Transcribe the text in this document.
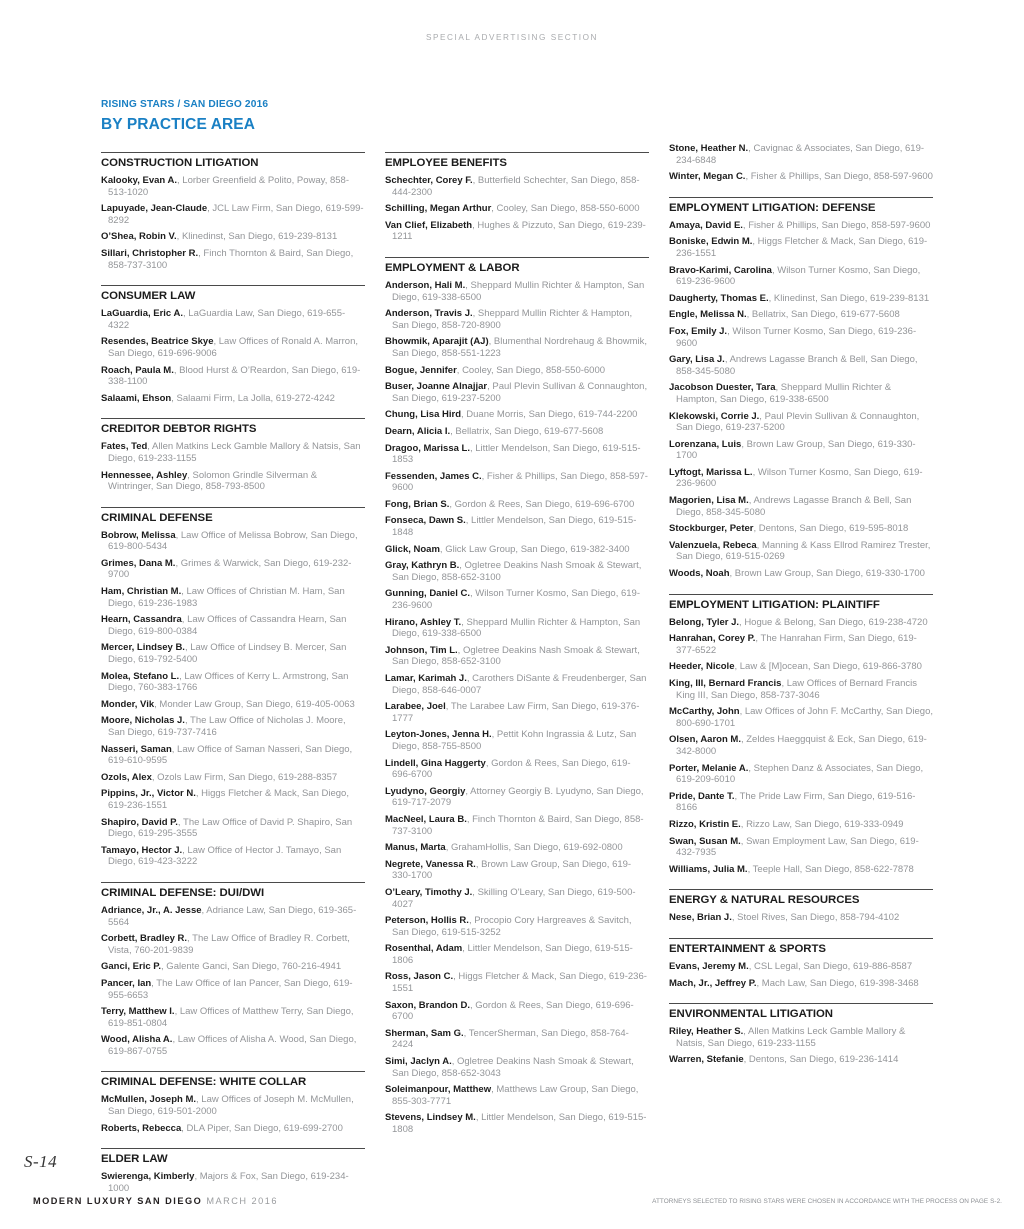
SPECIAL ADVERTISING SECTION
RISING STARS / SAN DIEGO 2016
BY PRACTICE AREA
CONSTRUCTION LITIGATION
Kalooky, Evan A., Lorber Greenfield & Polito, Poway, 858-513-1020
Lapuyade, Jean-Claude, JCL Law Firm, San Diego, 619-599-8292
O’Shea, Robin V., Klinedinst, San Diego, 619-239-8131
Sillari, Christopher R., Finch Thornton & Baird, San Diego, 858-737-3100
CONSUMER LAW
LaGuardia, Eric A., LaGuardia Law, San Diego, 619-655-4322
Resendes, Beatrice Skye, Law Offices of Ronald A. Marron, San Diego, 619-696-9006
Roach, Paula M., Blood Hurst & O’Reardon, San Diego, 619-338-1100
Salaami, Ehson, Salaami Firm, La Jolla, 619-272-4242
CREDITOR DEBTOR RIGHTS
Fates, Ted, Allen Matkins Leck Gamble Mallory & Natsis, San Diego, 619-233-1155
Hennessee, Ashley, Solomon Grindle Silverman & Wintringer, San Diego, 858-793-8500
CRIMINAL DEFENSE
Bobrow, Melissa, Law Office of Melissa Bobrow, San Diego, 619-800-5434
Grimes, Dana M., Grimes & Warwick, San Diego, 619-232-9700
Ham, Christian M., Law Offices of Christian M. Ham, San Diego, 619-236-1983
Hearn, Cassandra, Law Offices of Cassandra Hearn, San Diego, 619-800-0384
Mercer, Lindsey B., Law Office of Lindsey B. Mercer, San Diego, 619-792-5400
Molea, Stefano L., Law Offices of Kerry L. Armstrong, San Diego, 760-383-1766
Monder, Vik, Monder Law Group, San Diego, 619-405-0063
Moore, Nicholas J., The Law Office of Nicholas J. Moore, San Diego, 619-737-7416
Nasseri, Saman, Law Office of Saman Nasseri, San Diego, 619-610-9595
Ozols, Alex, Ozols Law Firm, San Diego, 619-288-8357
Pippins, Jr., Victor N., Higgs Fletcher & Mack, San Diego, 619-236-1551
Shapiro, David P., The Law Office of David P. Shapiro, San Diego, 619-295-3555
Tamayo, Hector J., Law Office of Hector J. Tamayo, San Diego, 619-423-3222
CRIMINAL DEFENSE: DUI/DWI
Adriance, Jr., A. Jesse, Adriance Law, San Diego, 619-365-5564
Corbett, Bradley R., The Law Office of Bradley R. Corbett, Vista, 760-201-9839
Ganci, Eric P., Galente Ganci, San Diego, 760-216-4941
Pancer, Ian, The Law Office of Ian Pancer, San Diego, 619-955-6653
Terry, Matthew I., Law Offices of Matthew Terry, San Diego, 619-851-0804
Wood, Alisha A., Law Offices of Alisha A. Wood, San Diego, 619-867-0755
CRIMINAL DEFENSE: WHITE COLLAR
McMullen, Joseph M., Law Offices of Joseph M. McMullen, San Diego, 619-501-2000
Roberts, Rebecca, DLA Piper, San Diego, 619-699-2700
ELDER LAW
Swierenga, Kimberly, Majors & Fox, San Diego, 619-234-1000
EMPLOYEE BENEFITS
Schechter, Corey F., Butterfield Schechter, San Diego, 858-444-2300
Schilling, Megan Arthur, Cooley, San Diego, 858-550-6000
Van Clief, Elizabeth, Hughes & Pizzuto, San Diego, 619-239-1211
EMPLOYMENT & LABOR
Anderson, Hali M., Sheppard Mullin Richter & Hampton, San Diego, 619-338-6500
Anderson, Travis J., Sheppard Mullin Richter & Hampton, San Diego, 858-720-8900
Bhowmik, Aparajit (AJ), Blumenthal Nordrehaug & Bhowmik, San Diego, 858-551-1223
Bogue, Jennifer, Cooley, San Diego, 858-550-6000
Buser, Joanne Alnajjar, Paul Plevin Sullivan & Connaughton, San Diego, 619-237-5200
Chung, Lisa Hird, Duane Morris, San Diego, 619-744-2200
Dearn, Alicia I., Bellatrix, San Diego, 619-677-5608
Dragoo, Marissa L., Littler Mendelson, San Diego, 619-515-1853
Fessenden, James C., Fisher & Phillips, San Diego, 858-597-9600
Fong, Brian S., Gordon & Rees, San Diego, 619-696-6700
Fonseca, Dawn S., Littler Mendelson, San Diego, 619-515-1848
Glick, Noam, Glick Law Group, San Diego, 619-382-3400
Gray, Kathryn B., Ogletree Deakins Nash Smoak & Stewart, San Diego, 858-652-3100
Gunning, Daniel C., Wilson Turner Kosmo, San Diego, 619-236-9600
Hirano, Ashley T., Sheppard Mullin Richter & Hampton, San Diego, 619-338-6500
Johnson, Tim L., Ogletree Deakins Nash Smoak & Stewart, San Diego, 858-652-3100
Lamar, Karimah J., Carothers DiSante & Freudenberger, San Diego, 858-646-0007
Larabee, Joel, The Larabee Law Firm, San Diego, 619-376-1777
Leyton-Jones, Jenna H., Pettit Kohn Ingrassia & Lutz, San Diego, 858-755-8500
Lindell, Gina Haggerty, Gordon & Rees, San Diego, 619-696-6700
Lyudyno, Georgiy, Attorney Georgiy B. Lyudyno, San Diego, 619-717-2079
MacNeel, Laura B., Finch Thornton & Baird, San Diego, 858-737-3100
Manus, Marta, GrahamHollis, San Diego, 619-692-0800
Negrete, Vanessa R., Brown Law Group, San Diego, 619-330-1700
O’Leary, Timothy J., Skilling O'Leary, San Diego, 619-500-4027
Peterson, Hollis R., Procopio Cory Hargreaves & Savitch, San Diego, 619-515-3252
Rosenthal, Adam, Littler Mendelson, San Diego, 619-515-1806
Ross, Jason C., Higgs Fletcher & Mack, San Diego, 619-236-1551
Saxon, Brandon D., Gordon & Rees, San Diego, 619-696-6700
Sherman, Sam G., TencerSherman, San Diego, 858-764-2424
Simi, Jaclyn A., Ogletree Deakins Nash Smoak & Stewart, San Diego, 858-652-3043
Soleimanpour, Matthew, Matthews Law Group, San Diego, 855-303-7771
Stevens, Lindsey M., Littler Mendelson, San Diego, 619-515-1808
Stone, Heather N., Cavignac & Associates, San Diego, 619-234-6848
Winter, Megan C., Fisher & Phillips, San Diego, 858-597-9600
EMPLOYMENT LITIGATION: DEFENSE
Amaya, David E., Fisher & Phillips, San Diego, 858-597-9600
Boniske, Edwin M., Higgs Fletcher & Mack, San Diego, 619-236-1551
Bravo-Karimi, Carolina, Wilson Turner Kosmo, San Diego, 619-236-9600
Daugherty, Thomas E., Klinedinst, San Diego, 619-239-8131
Engle, Melissa N., Bellatrix, San Diego, 619-677-5608
Fox, Emily J., Wilson Turner Kosmo, San Diego, 619-236-9600
Gary, Lisa J., Andrews Lagasse Branch & Bell, San Diego, 858-345-5080
Jacobson Duester, Tara, Sheppard Mullin Richter & Hampton, San Diego, 619-338-6500
Klekowski, Corrie J., Paul Plevin Sullivan & Connaughton, San Diego, 619-237-5200
Lorenzana, Luis, Brown Law Group, San Diego, 619-330-1700
Lyftogt, Marissa L., Wilson Turner Kosmo, San Diego, 619-236-9600
Magorien, Lisa M., Andrews Lagasse Branch & Bell, San Diego, 858-345-5080
Stockburger, Peter, Dentons, San Diego, 619-595-8018
Valenzuela, Rebeca, Manning & Kass Ellrod Ramirez Trester, San Diego, 619-515-0269
Woods, Noah, Brown Law Group, San Diego, 619-330-1700
EMPLOYMENT LITIGATION: PLAINTIFF
Belong, Tyler J., Hogue & Belong, San Diego, 619-238-4720
Hanrahan, Corey P., The Hanrahan Firm, San Diego, 619-377-6522
Heeder, Nicole, Law & [M]ocean, San Diego, 619-866-3780
King, III, Bernard Francis, Law Offices of Bernard Francis King III, San Diego, 858-737-3046
McCarthy, John, Law Offices of John F. McCarthy, San Diego, 800-690-1701
Olsen, Aaron M., Zeldes Haeggquist & Eck, San Diego, 619-342-8000
Porter, Melanie A., Stephen Danz & Associates, San Diego, 619-209-6010
Pride, Dante T., The Pride Law Firm, San Diego, 619-516-8166
Rizzo, Kristin E., Rizzo Law, San Diego, 619-333-0949
Swan, Susan M., Swan Employment Law, San Diego, 619-432-7935
Williams, Julia M., Teeple Hall, San Diego, 858-622-7878
ENERGY & NATURAL RESOURCES
Nese, Brian J., Stoel Rives, San Diego, 858-794-4102
ENTERTAINMENT & SPORTS
Evans, Jeremy M., CSL Legal, San Diego, 619-886-8587
Mach, Jr., Jeffrey P., Mach Law, San Diego, 619-398-3468
ENVIRONMENTAL LITIGATION
Riley, Heather S., Allen Matkins Leck Gamble Mallory & Natsis, San Diego, 619-233-1155
Warren, Stefanie, Dentons, San Diego, 619-236-1414
S-14
MODERN LUXURY SAN DIEGO MARCH 2016	ATTORNEYS SELECTED TO RISING STARS WERE CHOSEN IN ACCORDANCE WITH THE PROCESS ON PAGE S-2.
